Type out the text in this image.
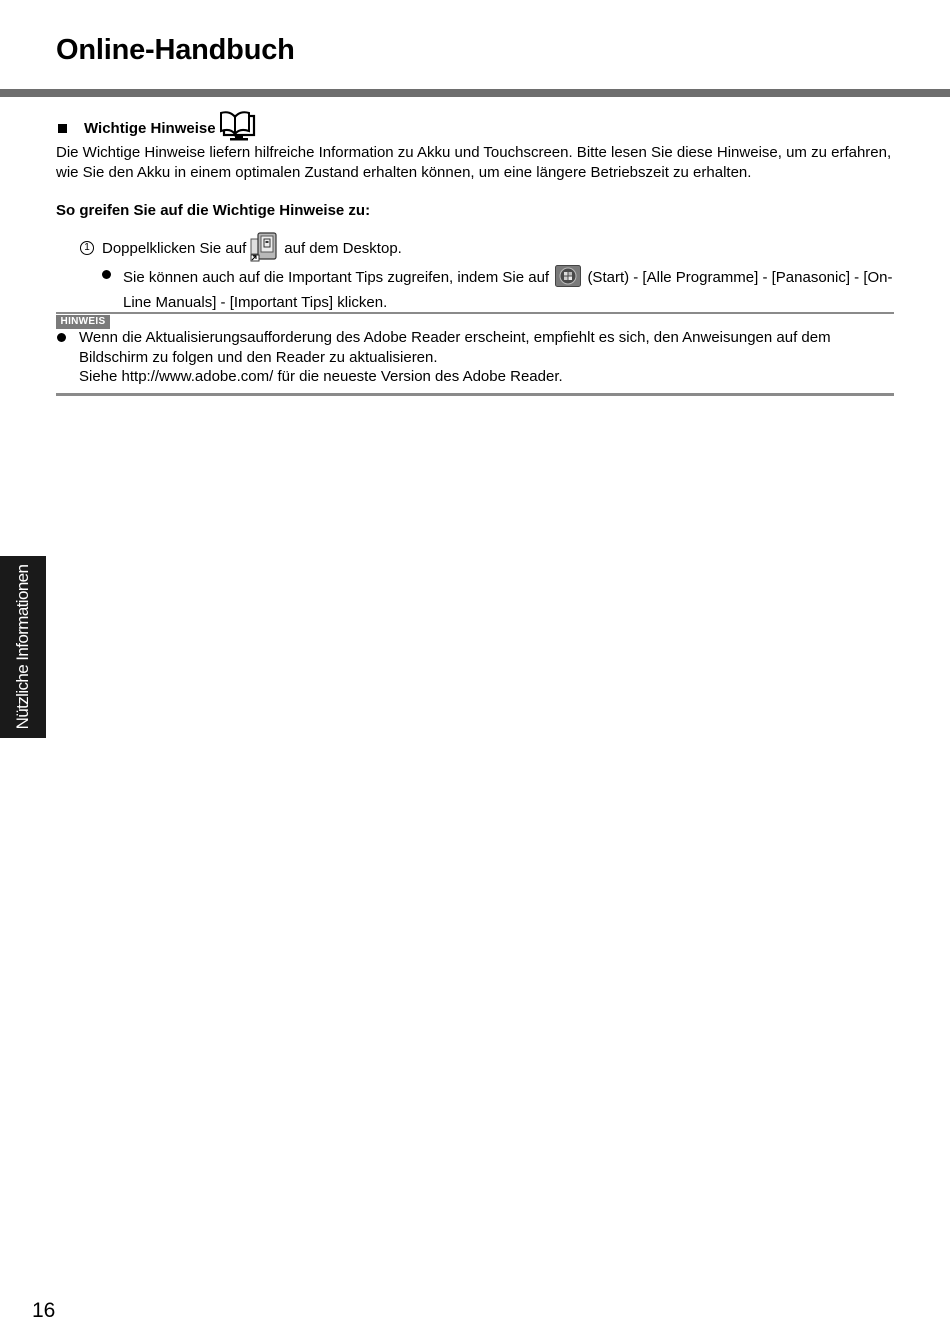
Online-Handbuch
Wichtige Hinweise
Die Wichtige Hinweise liefern hilfreiche Information zu Akku und Touchscreen. Bitte lesen Sie diese Hinweise, um zu erfahren, wie Sie den Akku in einem optimalen Zustand erhalten können, um eine längere Betriebszeit zu erhalten.
So greifen Sie auf die Wichtige Hinweise zu:
1 Doppelklicken Sie auf	auf dem Desktop.
Sie können auch auf die Important Tips zugreifen, indem Sie auf	(Start) - [Alle Programme] - [Panasonic] - [On-Line Manuals] - [Important Tips] klicken.
HINWEIS
Wenn die Aktualisierungsaufforderung des Adobe Reader erscheint, empfiehlt es sich, den Anweisungen auf dem Bildschirm zu folgen und den Reader zu aktualisieren.
Siehe http://www.adobe.com/ für die neueste Version des Adobe Reader.
Nützliche Informationen
16
